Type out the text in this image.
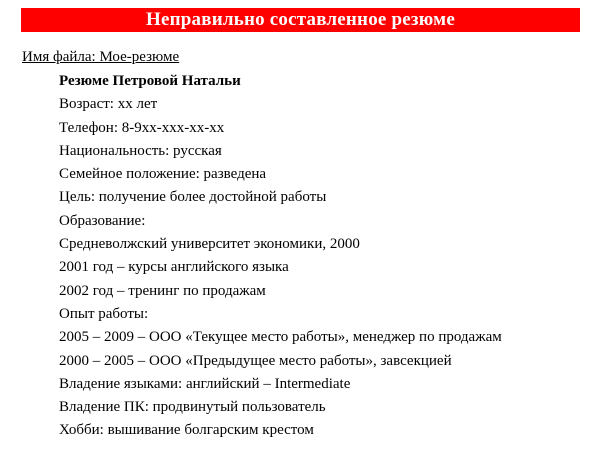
Неправильно составленное резюме
Имя файла: Мое-резюме
Резюме Петровой Натальи
Возраст: хх лет
Телефон: 8-9хх-ххх-хх-хх
Национальность: русская
Семейное положение: разведена
Цель: получение более достойной работы
Образование:
Средневолжский университет экономики, 2000
2001 год – курсы английского языка
2002 год – тренинг по продажам
Опыт работы:
2005 – 2009 – ООО «Текущее место работы», менеджер по продажам
2000 – 2005 – ООО «Предыдущее место работы», завсекцией
Владение языками: английский – Intermediate
Владение ПК: продвинутый пользователь
Хобби: вышивание болгарским крестом
